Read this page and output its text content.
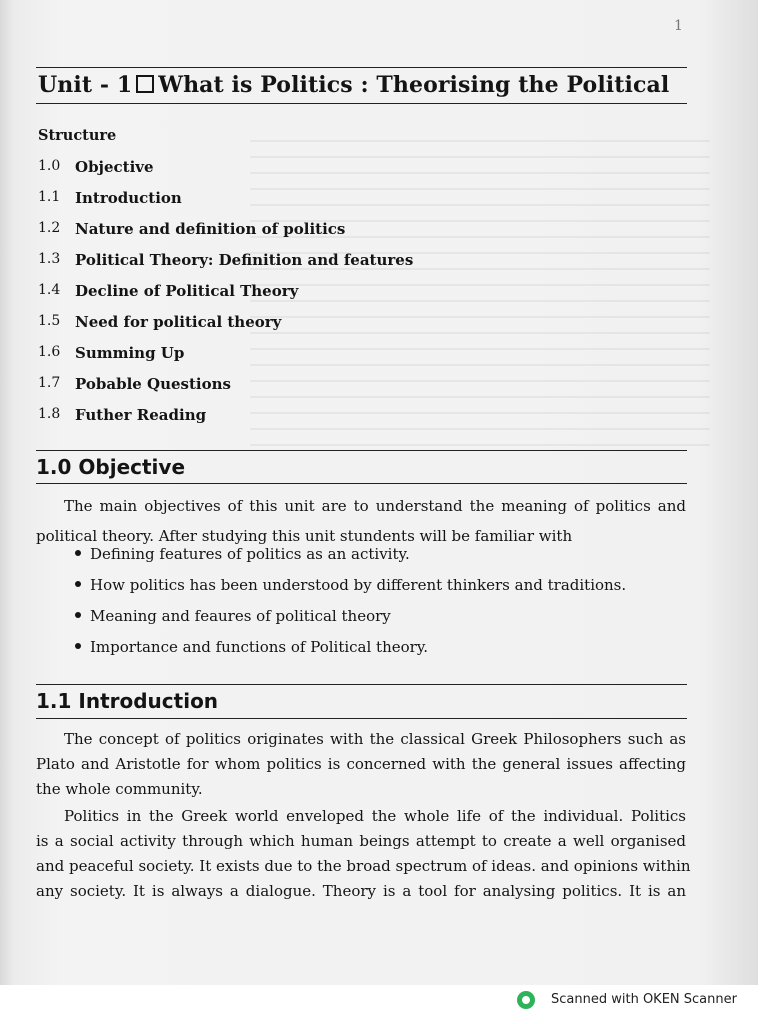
1
Unit - 1 What is Politics : Theorising the Political
Structure
1.0 Objective
1.1 Introduction
1.2 Nature and definition of politics
1.3 Political Theory: Definition and features
1.4 Decline of Political Theory
1.5 Need for political theory
1.6 Summing Up
1.7 Pobable Questions
1.8 Futher Reading
1.0 Objective
The main objectives of this unit are to understand the meaning of politics and
political theory. After studying this unit stundents will be familiar with
Defining features of politics as an activity.
How politics has been understood by different thinkers and traditions.
Meaning and feaures of political theory
Importance and functions of Political theory.
1.1 Introduction
The concept of politics originates with the classical Greek Philosophers such as
Plato and Aristotle for whom politics is concerned with the general issues affecting
the whole community.
Politics in the Greek world enveloped the whole life of the individual. Politics
is a social activity through which human beings attempt to create a well organised
and peaceful society. It exists due to the broad spectrum of ideas. and opinions within
any society. It is always a dialogue. Theory is a tool for analysing politics. It is an
Scanned with OKEN Scanner
